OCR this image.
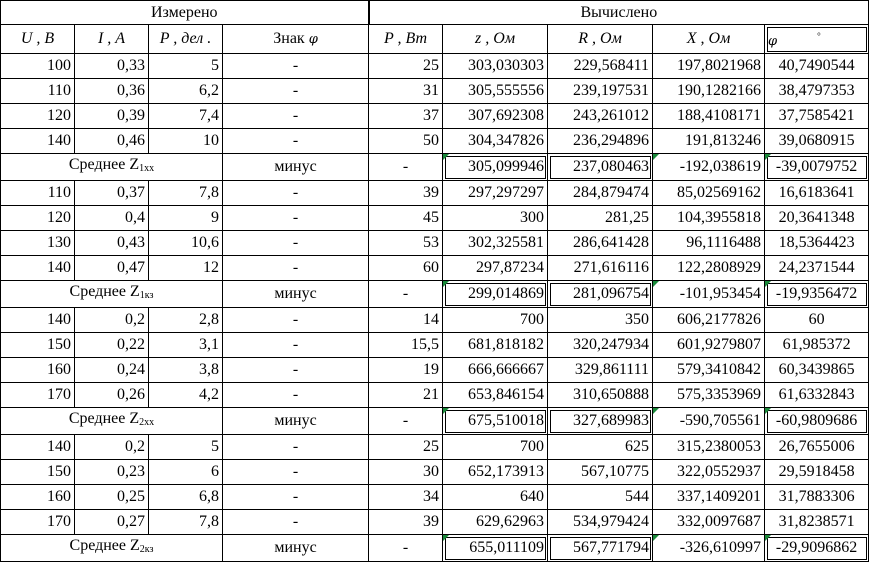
Измерено				Вычислено				
U , В	I , А	P , дел .	Знак φ	P , Вт	z , Ом	R , Ом	X , Ом	φ °

100	0,33	5	-	25	303,030303	229,568411	197,8021968	40,7490544
110	0,36	6,2	-	31	305,555556	239,197531	190,1282166	38,4797353
120	0,39	7,4	-	37	307,692308	243,261012	188,4108171	37,7585421
140	0,46	10	-	50	304,347826	236,294896	191,813246	39,0680915
Среднее $Z_{1хх}$			минус	-	305,099946	237,080463	-192,038619	-39,0079752
110	0,37	7,8	-	39	297,297297	284,879474	85,02569162	16,6183641
120	0,4	9	-	45	300	281,25	104,3955818	20,3641348
130	0,43	10,6	-	53	302,325581	286,641428	96,1116488	18,5364423
140	0,47	12	-	60	297,87234	271,616116	122,2808929	24,2371544
Среднее $Z_{1кз}$			минус	-	299,014869	281,096754	-101,953454	-19,9356472
140	0,2	2,8	-	14	700	350	606,2177826	60
150	0,22	3,1	-	15,5	681,818182	320,247934	601,9279807	61,985372
160	0,24	3,8	-	19	666,666667	329,861111	579,3410842	60,3439865
170	0,26	4,2	-	21	653,846154	310,650888	575,3353969	61,6332843
Среднее $Z_{2хх}$			минус	-	675,510018	327,689983	-590,705561	-60,9809686
140	0,2	5	-	25	700	625	315,2380053	26,7655006
150	0,23	6	-	30	652,173913	567,10775	322,0552937	29,5918458
160	0,25	6,8	-	34	640	544	337,1409201	31,7883306
170	0,27	7,8	-	39	629,62963	534,979424	332,0097687	31,8238571
Среднее $Z_{2кз}$			минус	-	655,011109	567,771794	-326,610997	-29,9096862
